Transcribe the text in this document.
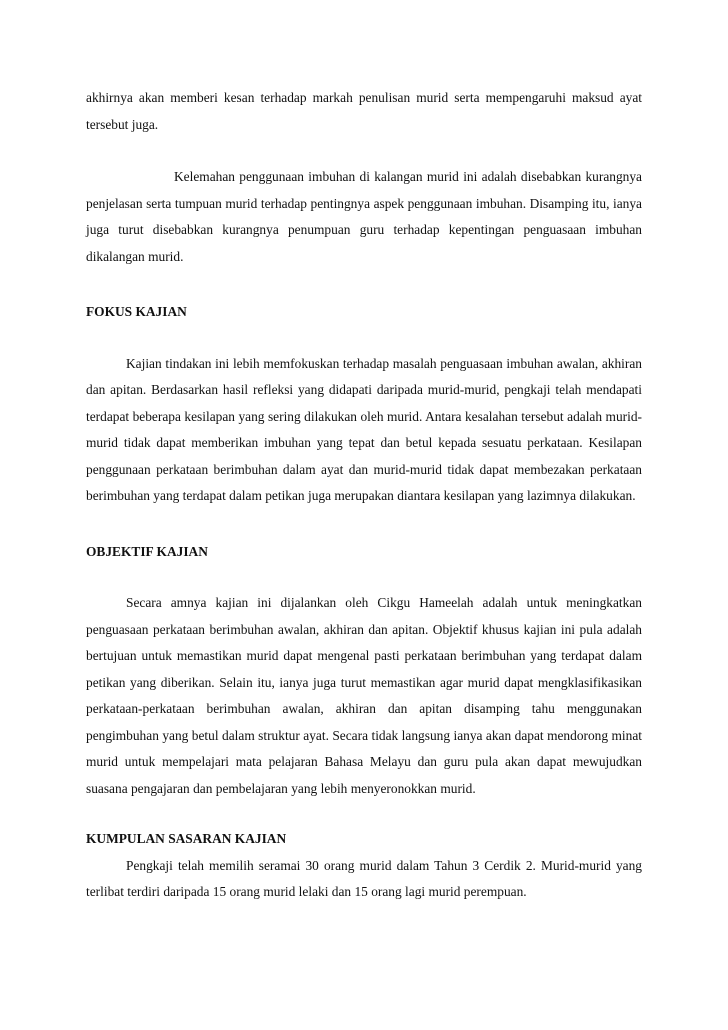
akhirnya akan memberi kesan terhadap markah penulisan murid serta mempengaruhi maksud ayat tersebut juga.

Kelemahan penggunaan imbuhan di kalangan murid ini adalah disebabkan kurangnya penjelasan serta tumpuan murid terhadap pentingnya aspek penggunaan imbuhan. Disamping itu, ianya juga turut disebabkan kurangnya penumpuan guru terhadap kepentingan penguasaan imbuhan dikalangan murid.

FOKUS KAJIAN

Kajian tindakan ini lebih memfokuskan terhadap masalah penguasaan imbuhan awalan, akhiran dan apitan. Berdasarkan hasil refleksi yang didapati daripada murid-murid, pengkaji telah mendapati terdapat beberapa kesilapan yang sering dilakukan oleh murid. Antara kesalahan tersebut adalah murid-murid tidak dapat memberikan imbuhan yang tepat dan betul kepada sesuatu perkataan. Kesilapan penggunaan perkataan berimbuhan dalam ayat dan murid-murid tidak dapat membezakan perkataan berimbuhan yang terdapat dalam petikan juga merupakan diantara kesilapan yang lazimnya dilakukan.

OBJEKTIF KAJIAN

Secara amnya kajian ini dijalankan oleh Cikgu Hameelah adalah untuk meningkatkan penguasaan perkataan berimbuhan awalan, akhiran dan apitan. Objektif khusus kajian ini pula adalah bertujuan untuk memastikan murid dapat mengenal pasti perkataan berimbuhan yang terdapat dalam petikan yang diberikan. Selain itu, ianya juga turut memastikan agar murid dapat mengklasifikasikan perkataan-perkataan berimbuhan awalan, akhiran dan apitan disamping tahu menggunakan pengimbuhan yang betul dalam struktur ayat. Secara tidak langsung ianya akan dapat mendorong minat murid untuk mempelajari mata pelajaran Bahasa Melayu dan guru pula akan dapat mewujudkan suasana pengajaran dan pembelajaran yang lebih menyeronokkan murid.

KUMPULAN SASARAN KAJIAN

Pengkaji telah memilih seramai 30 orang murid dalam Tahun 3 Cerdik 2. Murid-murid yang terlibat terdiri daripada 15 orang murid lelaki dan 15 orang lagi murid perempuan.
